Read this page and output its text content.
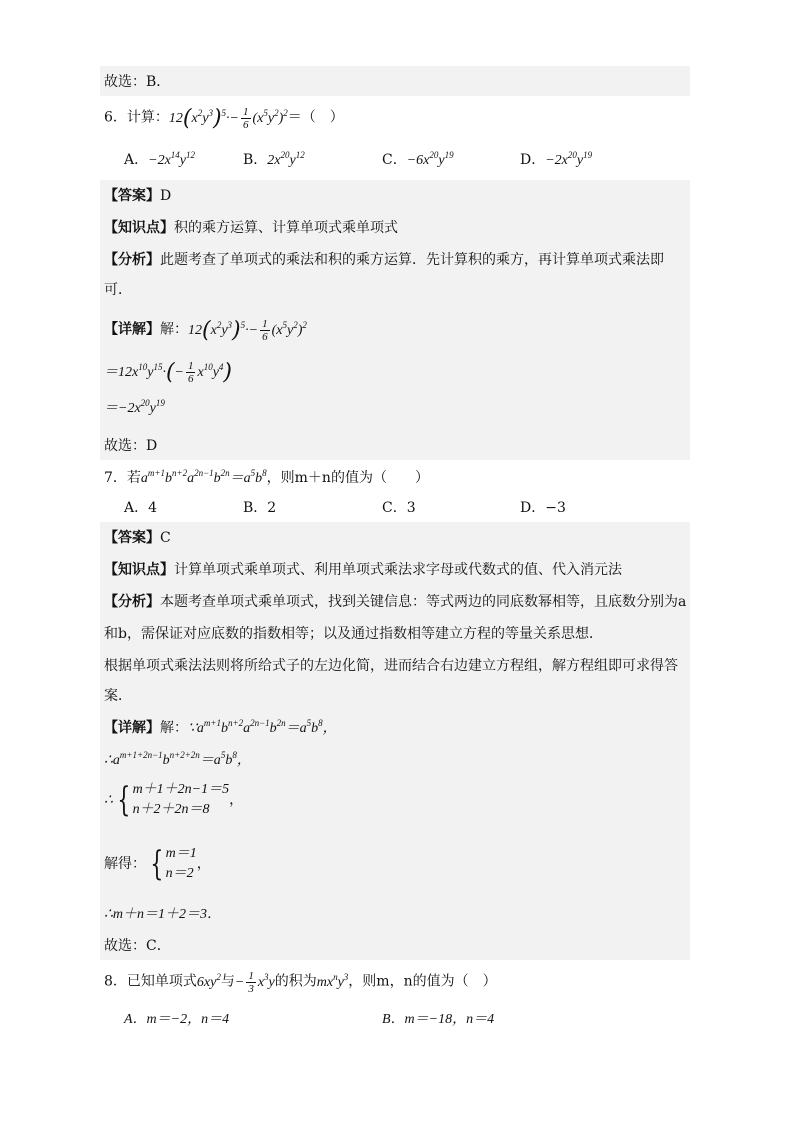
故选：B．
6．计算：$12(x^2y^3)^5\cdot- \frac{1}{6} (x^5y^2)^2=$（　）
A．$-2x^{14}y^{12}$	B．$2x^{20}y^{12}$	C．$-6x^{20}y^{19}$	D．$-2x^{20}y^{19}$
【答案】D
【知识点】积的乘方运算、计算单项式乘单项式
【分析】此题考查了单项式的乘法和积的乘方运算．先计算积的乘方，再计算单项式乘法即
可．
【详解】解：$12(x^2y^3)^5\cdot- \frac{1}{6} (x^5y^2)^2$
$=12x^{10}y^{15}\cdot(- \frac{1}{6} x^{10}y^4)$
$=-2x^{20}y^{19}$
故选：D
7．若$a^{m+1}b^{n+2}a^{2n-1}b^{2n}=a^5b^8$，则m＋n的值为（　　）
A．4	B．2	C．3	D．−3
【答案】C
【知识点】计算单项式乘单项式、利用单项式乘法求字母或代数式的值、代入消元法
【分析】本题考查单项式乘单项式，找到关键信息：等式两边的同底数幂相等，且底数分别为a
和b，需保证对应底数的指数相等；以及通过指数相等建立方程的等量关系思想．
根据单项式乘法法则将所给式子的左边化简，进而结合右边建立方程组，解方程组即可求得答
案．
【详解】解：$\because a^{m+1}b^{n+2}a^{2n-1}b^{2n}=a^5b^8$，
$\therefore a^{m+1+2n-1}b^{n+2+2n}=a^5b^8$，
∴ { m＋1＋2n−1＝5
n＋2＋2n＝8
，
解得： { m＝1
n＝2
，
∴m＋n＝1＋2＝3．
故选：C．
8．已知单项式$6xy^2$与− $\frac{1}{3} x^3y$的积为$mx^ny^3$，则m，n的值为（　）
A．m＝−2，n＝4	B．m＝−18，n＝4
